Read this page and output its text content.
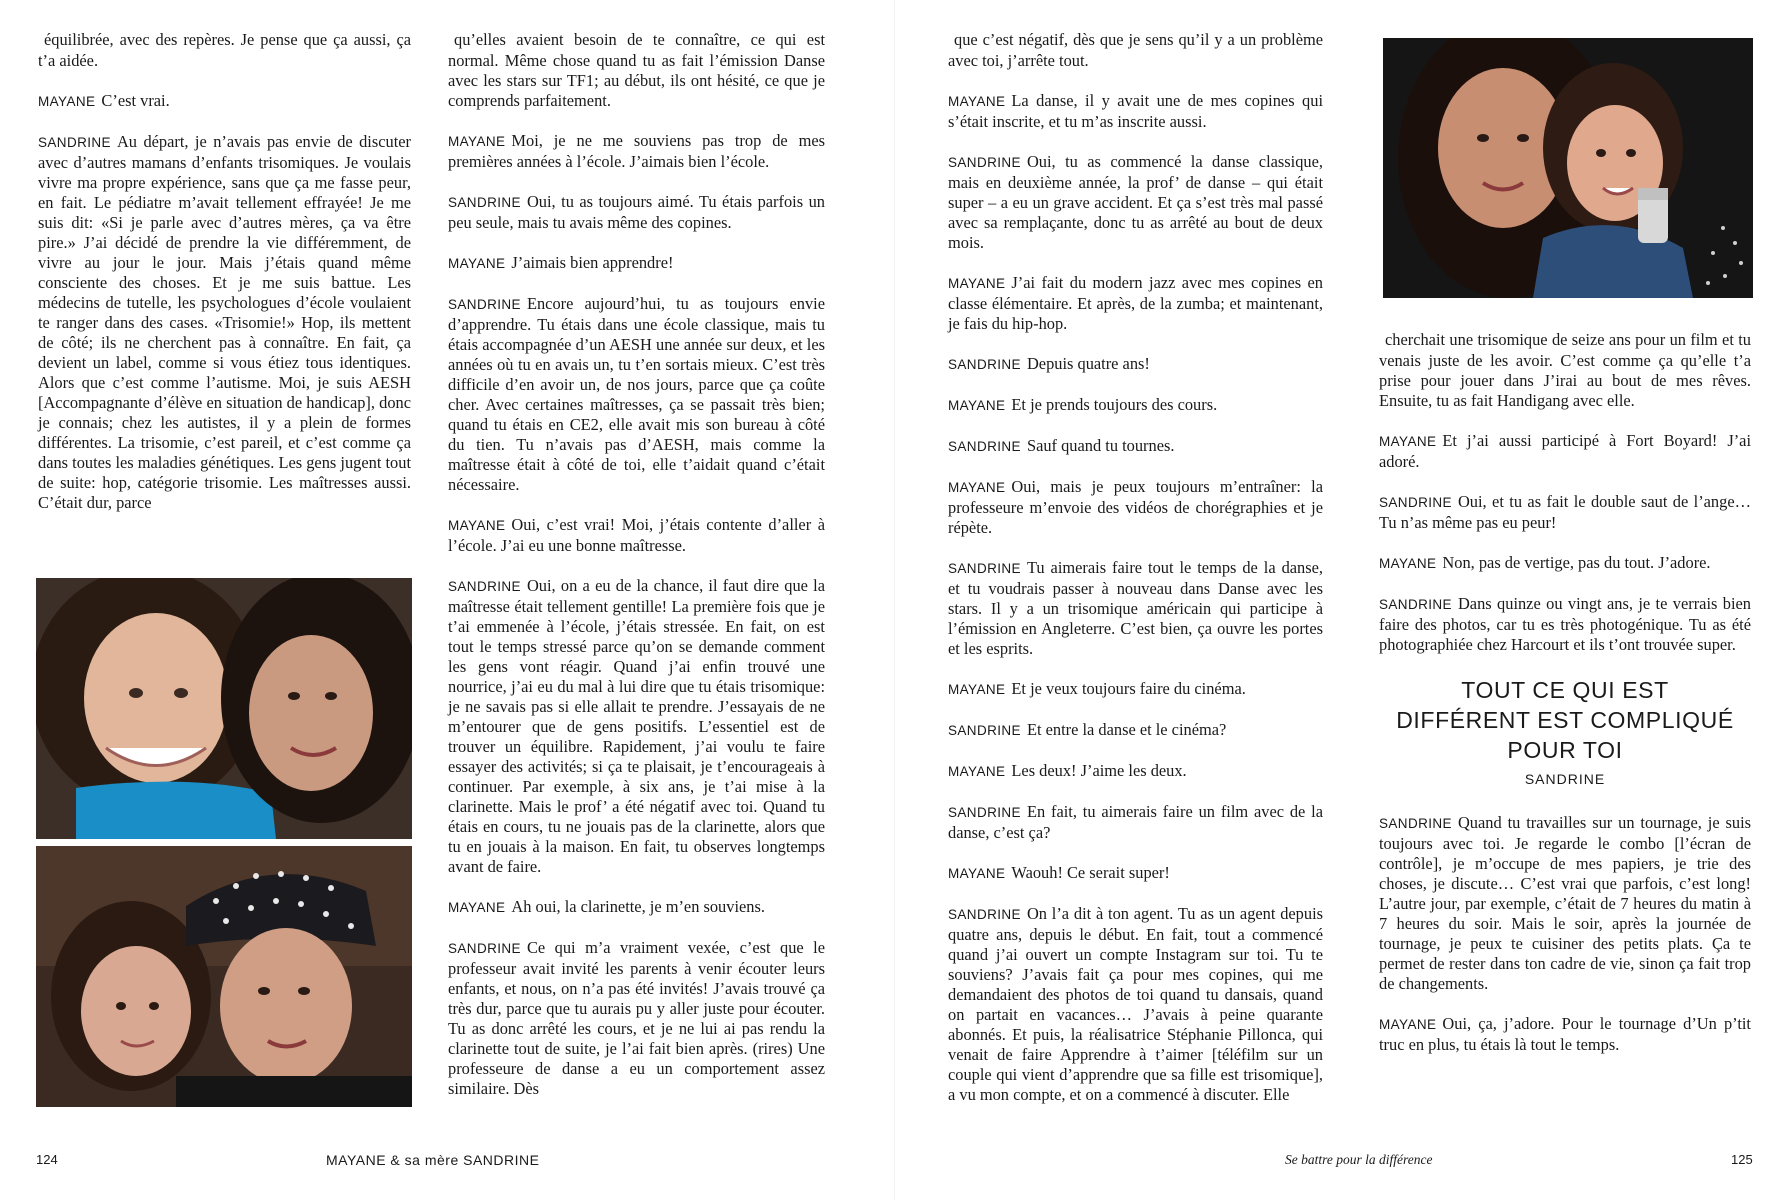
équilibrée, avec des repères. Je pense que ça aussi, ça t’a aidée.

MAYANE C’est vrai.

SANDRINE Au départ, je n’avais pas envie de discuter avec d’autres mamans d’enfants trisomiques. Je voulais vivre ma propre expérience, sans que ça me fasse peur, en fait. Le pédiatre m’avait tellement effrayée! Je me suis dit: «Si je parle avec d’autres mères, ça va être pire.» J’ai décidé de prendre la vie différemment, de vivre au jour le jour. Mais j’étais quand même consciente des choses. Et je me suis battue. Les médecins de tutelle, les psychologues d’école voulaient te ranger dans des cases. «Trisomie!» Hop, ils mettent de côté; ils ne cherchent pas à connaître. En fait, ça devient un label, comme si vous étiez tous identiques. Alors que c’est comme l’autisme. Moi, je suis AESH [Accompagnante d’élève en situation de handicap], donc je connais; chez les autistes, il y a plein de formes différentes. La trisomie, c’est pareil, et c’est comme ça dans toutes les maladies génétiques. Les gens jugent tout de suite: hop, catégorie trisomie. Les maîtresses aussi. C’était dur, parce

qu’elles avaient besoin de te connaître, ce qui est normal. Même chose quand tu as fait l’émission Danse avec les stars sur TF1; au début, ils ont hésité, ce que je comprends parfaitement.

MAYANE Moi, je ne me souviens pas trop de mes premières années à l’école. J’aimais bien l’école.

SANDRINE Oui, tu as toujours aimé. Tu étais parfois un peu seule, mais tu avais même des copines.

MAYANE J’aimais bien apprendre!

SANDRINE Encore aujourd’hui, tu as toujours envie d’apprendre. Tu étais dans une école classique, mais tu étais accompagnée d’un AESH une année sur deux, et les années où tu en avais un, tu t’en sortais mieux. C’est très difficile d’en avoir un, de nos jours, parce que ça coûte cher. Avec certaines maîtresses, ça se passait très bien; quand tu étais en CE2, elle avait mis son bureau à côté du tien. Tu n’avais pas d’AESH, mais comme la maîtresse était à côté de toi, elle t’aidait quand c’était nécessaire.

MAYANE Oui, c’est vrai! Moi, j’étais contente d’aller à l’école. J’ai eu une bonne maîtresse.

SANDRINE Oui, on a eu de la chance, il faut dire que la maîtresse était tellement gentille! La première fois que je t’ai emmenée à l’école, j’étais stressée. En fait, on est tout le temps stressé parce qu’on se demande comment les gens vont réagir. Quand j’ai enfin trouvé une nourrice, j’ai eu du mal à lui dire que tu étais trisomique: je ne savais pas si elle allait te prendre. J’essayais de ne m’entourer que de gens positifs. L’essentiel est de trouver un équilibre. Rapidement, j’ai voulu te faire essayer des activités; si ça te plaisait, je t’encourageais à continuer. Par exemple, à six ans, je t’ai mise à la clarinette. Mais le prof’ a été négatif avec toi. Quand tu étais en cours, tu ne jouais pas de la clarinette, alors que tu en jouais à la maison. En fait, tu observes longtemps avant de faire.

MAYANE Ah oui, la clarinette, je m’en souviens.

SANDRINE Ce qui m’a vraiment vexée, c’est que le professeur avait invité les parents à venir écouter leurs enfants, et nous, on n’a pas été invités! J’avais trouvé ça très dur, parce que tu aurais pu y aller juste pour écouter. Tu as donc arrêté les cours, et je ne lui ai pas rendu la clarinette tout de suite, je l’ai fait bien après. (rires) Une professeure de danse a eu un comportement assez similaire. Dès

124	MAYANE & sa mère SANDRINE

que c’est négatif, dès que je sens qu’il y a un problème avec toi, j’arrête tout.

MAYANE La danse, il y avait une de mes copines qui s’était inscrite, et tu m’as inscrite aussi.

SANDRINE Oui, tu as commencé la danse classique, mais en deuxième année, la prof’ de danse – qui était super – a eu un grave accident. Et ça s’est très mal passé avec sa remplaçante, donc tu as arrêté au bout de deux mois.

MAYANE J’ai fait du modern jazz avec mes copines en classe élémentaire. Et après, de la zumba; et maintenant, je fais du hip-hop.

SANDRINE Depuis quatre ans!

MAYANE Et je prends toujours des cours.

SANDRINE Sauf quand tu tournes.

MAYANE Oui, mais je peux toujours m’entraîner: la professeure m’envoie des vidéos de chorégraphies et je répète.

SANDRINE Tu aimerais faire tout le temps de la danse, et tu voudrais passer à nouveau dans Danse avec les stars. Il y a un trisomique américain qui participe à l’émission en Angleterre. C’est bien, ça ouvre les portes et les esprits.

MAYANE Et je veux toujours faire du cinéma.

SANDRINE Et entre la danse et le cinéma?

MAYANE Les deux! J’aime les deux.

SANDRINE En fait, tu aimerais faire un film avec de la danse, c’est ça?

MAYANE Waouh! Ce serait super!

SANDRINE On l’a dit à ton agent. Tu as un agent depuis quatre ans, depuis le début. En fait, tout a commencé quand j’ai ouvert un compte Instagram sur toi. Tu te souviens? J’avais fait ça pour mes copines, qui me demandaient des photos de toi quand tu dansais, quand on partait en vacances… J’avais à peine quarante abonnés. Et puis, la réalisatrice Stéphanie Pillonca, qui venait de faire Apprendre à t’aimer [téléfilm sur un couple qui vient d’apprendre que sa fille est trisomique], a vu mon compte, et on a commencé à discuter. Elle

cherchait une trisomique de seize ans pour un film et tu venais juste de les avoir. C’est comme ça qu’elle t’a prise pour jouer dans J’irai au bout de mes rêves. Ensuite, tu as fait Handigang avec elle.

MAYANE Et j’ai aussi participé à Fort Boyard! J’ai adoré.

SANDRINE Oui, et tu as fait le double saut de l’ange… Tu n’as même pas eu peur!

MAYANE Non, pas de vertige, pas du tout. J’adore.

SANDRINE Dans quinze ou vingt ans, je te verrais bien faire des photos, car tu es très photogénique. Tu as été photographiée chez Harcourt et ils t’ont trouvée super.

TOUT CE QUI EST
DIFFÉRENT EST COMPLIQUÉ
POUR TOI
SANDRINE

SANDRINE Quand tu travailles sur un tournage, je suis toujours avec toi. Je regarde le combo [l’écran de contrôle], je m’occupe de mes papiers, je trie des choses, je discute… C’est vrai que parfois, c’est long! L’autre jour, par exemple, c’était de 7 heures du matin à 7 heures du soir. Mais le soir, après la journée de tournage, je peux te cuisiner des petits plats. Ça te permet de rester dans ton cadre de vie, sinon ça fait trop de changements.

MAYANE Oui, ça, j’adore. Pour le tournage d’Un p’tit truc en plus, tu étais là tout le temps.

Se battre pour la différence	125
